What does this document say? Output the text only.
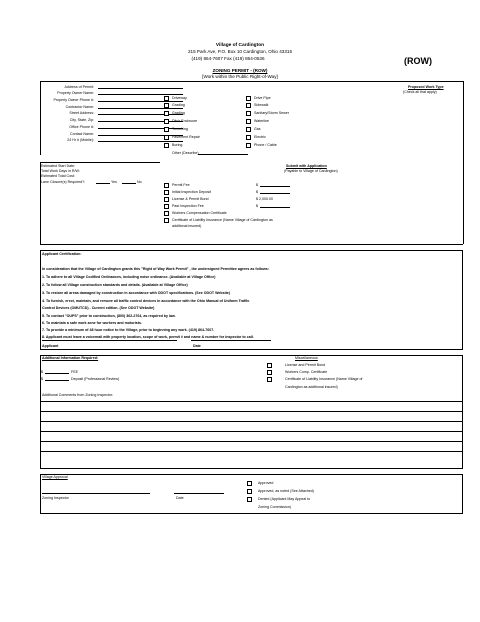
Village of Cardington
215 Park Ave, P.O. Box 10 Cardington, Ohio 43315
(419) 864-7607 Fax (419) 864-0536	(ROW)
ZONING PERMIT - (ROW)
[Work within the Public Right-of-Way]
Address of Permit:
Property Owner Name:
Property Owner Phone #:
Contractor Name:
Street Address:
City, State, Zip:
Office Phone #:
Contact Name:
24 Hr # (Mobile):
Proposed Work Type
(Check all that apply)
Driveway
Grading
Grading
Ditch Enclosure
Trenching
Pavement Repair
Boring
Other (Describe)
Drive Pipe
Sidewalk
Sanitary/Storm Sewer
Waterline
Gas
Electric
Phone / Cable
Estimated Start Date:
Total Work Days in R/W:
Estimated Total Cost:
Lane Closure(s) Required?:	Yes	No
Submit with Application
(Payable to Village of Cardington)
Permit Fee	$
Initial Inspection Deposit	$
License & Permit Bond	$ 2,000.00
Past Inspection Fee	$
Workers Compensation Certificate
Certificate of Liability Insurance (Name Village of Cardington as
additional insured)
Applicant Certification:
In consideration that the Village of Cardington grants this "Right of Way Work Permit" , the undersigned Permittee agrees as follows:
1. To adhere to all Village Codified Ordinances, including noise ordinance. (Available at Village Office)
2. To follow all Village construction standards and details. (Available at Village Office)
3. To restore all areas damaged by construction in accordance with ODOT specifications. (See ODOT Website)
4. To furnish, erect, maintain, and remove all traffic control devices in accordance with the Ohio Manual of Uniform Traffic
Control Devices (OMUTCD) - Current edition. (See ODOT Website)
5. To contact "OUPS" prior to construction, (800) 362-2764, as required by law.
6. To maintain a safe work zone for workers and motorists.
7. To provide a minimum of 48 hour notice to the Village, prior to beginning any work. (419) 864-7607.
8. Applicant must leave a voicemail with property location, scope of work, permit # and name & number for inspector to call.
Applicant	Date
Additional Information Required:	Miscellaneous
License and Permit Bond
Workers Comp. Certificate
Certificate of Liability Insurance (Name Village of
Cardington as additional insured)
$	FEE
$	Deposit (Professional Review)
Additional Comments from Zoning Inspector:
Village Approval
Zoning Inspector	Date
Approved
Approved, as noted (See Attached)
Denied (Applicant May Appeal to
Zoning Commission)
